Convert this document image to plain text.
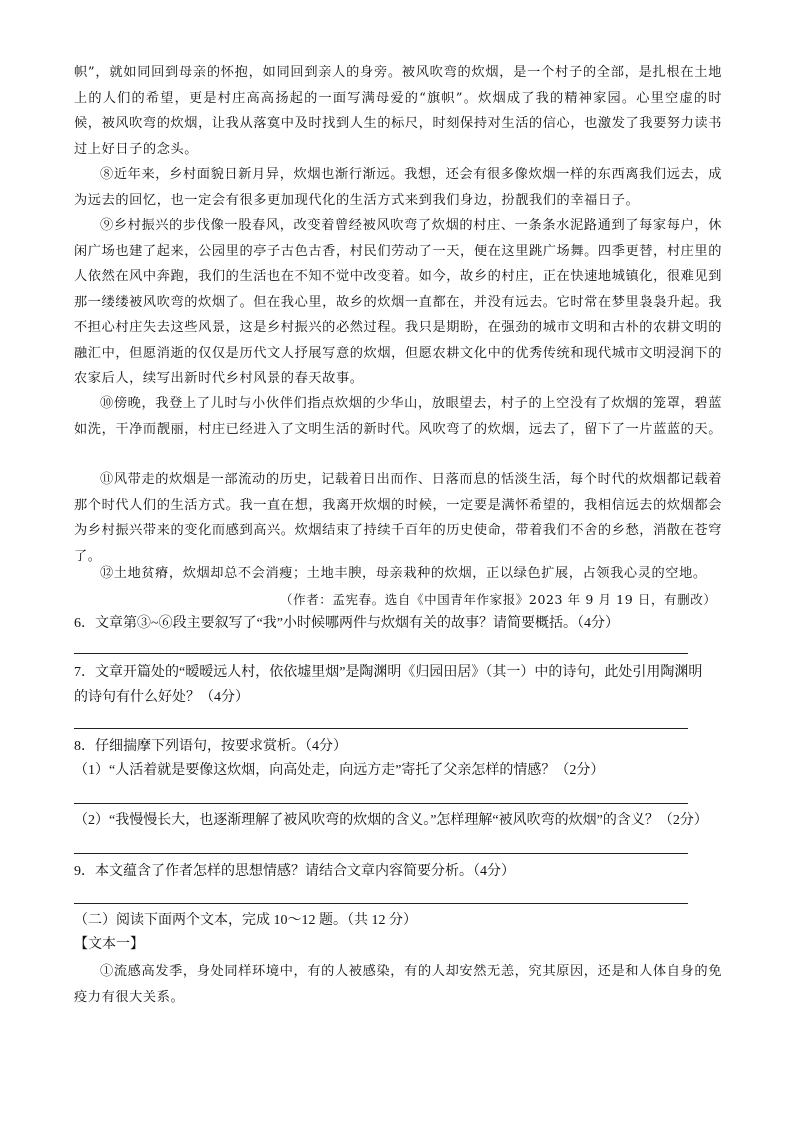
帜”，就如同回到母亲的怀抱，如同回到亲人的身旁。被风吹弯的炊烟，是一个村子的全部，是扎根在土地上的人们的希望，更是村庄高高扬起的一面写满母爱的“旗帜”。炊烟成了我的精神家园。心里空虚的时候，被风吹弯的炊烟，让我从落寞中及时找到人生的标尺，时刻保持对生活的信心，也激发了我要努力读书过上好日子的念头。

⑧近年来，乡村面貌日新月异，炊烟也渐行渐远。我想，还会有很多像炊烟一样的东西离我们远去，成为远去的回忆，也一定会有很多更加现代化的生活方式来到我们身边，扮靓我们的幸福日子。

⑨乡村振兴的步伐像一股春风，改变着曾经被风吹弯了炊烟的村庄、一条条水泥路通到了每家每户，休闲广场也建了起来，公园里的亭子古色古香，村民们劳动了一天，便在这里跳广场舞。四季更替，村庄里的人依然在风中奔跑，我们的生活也在不知不觉中改变着。如今，故乡的村庄，正在快速地城镇化，很难见到那一缕缕被风吹弯的炊烟了。但在我心里，故乡的炊烟一直都在，并没有远去。它时常在梦里袅袅升起。我不担心村庄失去这些风景，这是乡村振兴的必然过程。我只是期盼，在强劲的城市文明和古朴的农耕文明的融汇中，但愿消逝的仅仅是历代文人抒展写意的炊烟，但愿农耕文化中的优秀传统和现代城市文明浸润下的农家后人，续写出新时代乡村风景的春天故事。

⑩傍晚，我登上了儿时与小伙伴们指点炊烟的少华山，放眼望去，村子的上空没有了炊烟的笼罩，碧蓝如洗，干净而靓丽，村庄已经进入了文明生活的新时代。风吹弯了的炊烟，远去了，留下了一片蓝蓝的天。

⑪风带走的炊烟是一部流动的历史，记载着日出而作、日落而息的恬淡生活，每个时代的炊烟都记载着那个时代人们的生活方式。我一直在想，我离开炊烟的时候，一定要是满怀希望的，我相信远去的炊烟都会为乡村振兴带来的变化而感到高兴。炊烟结束了持续千百年的历史使命，带着我们不舍的乡愁，消散在苍穹了。

⑫土地贫瘠，炊烟却总不会消瘦；土地丰腴，母亲栽种的炊烟，正以绿色扩展，占领我心灵的空地。

（作者：孟宪春。选自《中国青年作家报》2023 年 9 月 19 日，有删改）

6．文章第③~⑥段主要叙写了“我”小时候哪两件与炊烟有关的故事？请简要概括。（4分）

7．文章开篇处的“暧暧远人村，依依墟里烟”是陶渊明《归园田居》（其一）中的诗句，此处引用陶渊明

的诗句有什么好处？（4分）

8．仔细揣摩下列语句，按要求赏析。（4分）

（1）“人活着就是要像这炊烟，向高处走，向远方走”寄托了父亲怎样的情感？（2分）

（2）“我慢慢长大，也逐渐理解了被风吹弯的炊烟的含义。”怎样理解“被风吹弯的炊烟”的含义？（2分）

9．本文蕴含了作者怎样的思想情感？请结合文章内容简要分析。（4分）

（二）阅读下面两个文本，完成 10～12 题。（共 12 分）

【文本一】

①流感高发季，身处同样环境中，有的人被感染，有的人却安然无恙，究其原因，还是和人体自身的免疫力有很大关系。
